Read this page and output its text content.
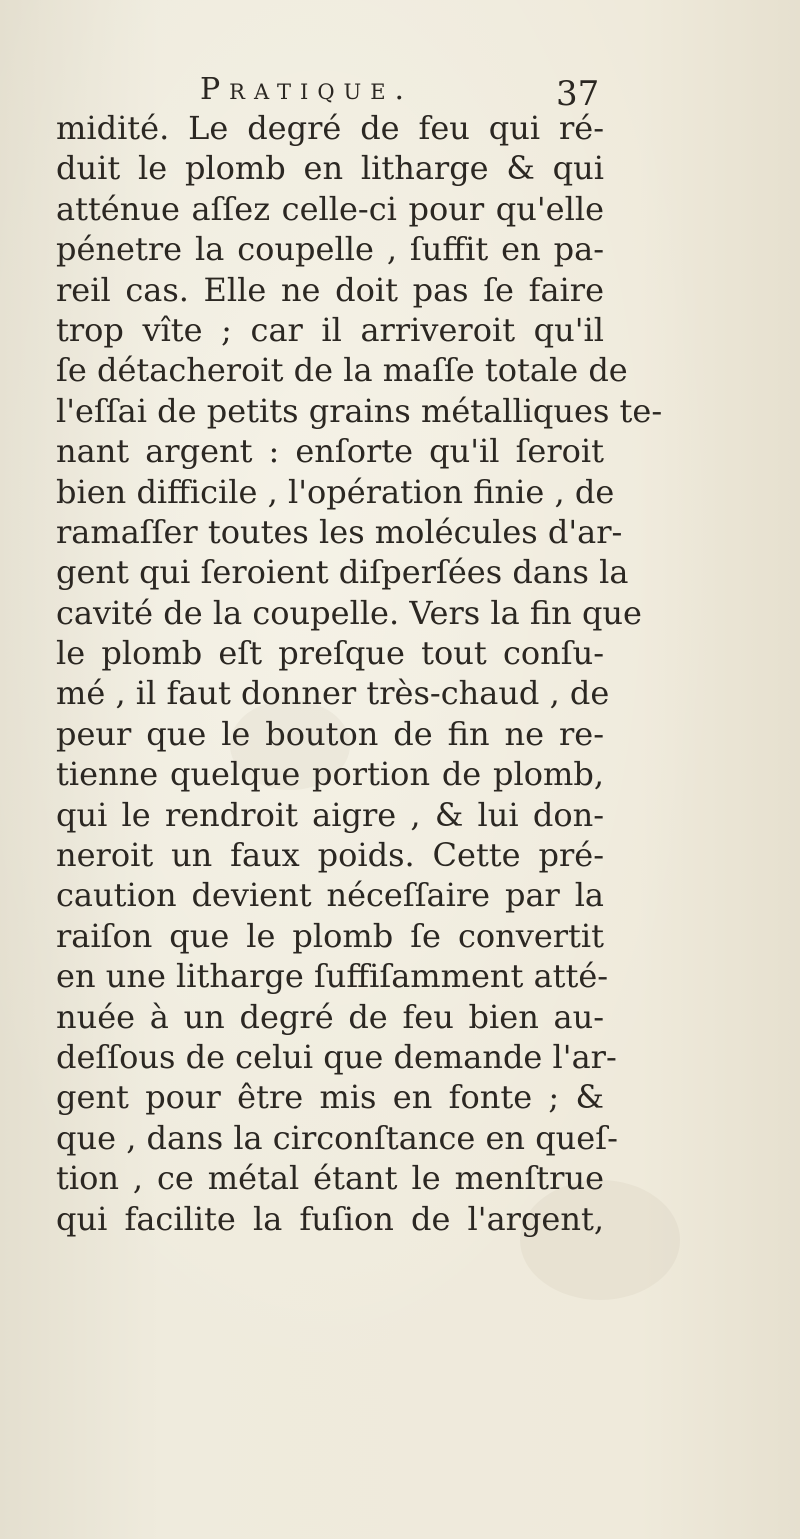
Pratique.	37
midité. Le degré de feu qui ré-
duit le plomb en litharge & qui
atténue aſſez celle-ci pour qu'elle
pénetre la coupelle , ſuffit en pa-
reil cas. Elle ne doit pas ſe faire
trop vîte ; car il arriveroit qu'il
ſe détacheroit de la maſſe totale de
l'eſſai de petits grains métalliques te-
nant argent : enſorte qu'il ſeroit
bien difficile , l'opération finie , de
ramaſſer toutes les molécules d'ar-
gent qui ſeroient diſperſées dans la
cavité de la coupelle. Vers la fin que
le plomb eſt preſque tout conſu-
mé , il faut donner très-chaud , de
peur que le bouton de fin ne re-
tienne quelque portion de plomb,
qui le rendroit aigre , & lui don-
neroit un faux poids. Cette pré-
caution devient néceſſaire par la
raiſon que le plomb ſe convertit
en une litharge ſuffiſamment atté-
nuée à un degré de feu bien au-
deſſous de celui que demande l'ar-
gent pour être mis en fonte ; &
que , dans la circonſtance en queſ-
tion , ce métal étant le menſtrue
qui facilite la fuſion de l'argent,
